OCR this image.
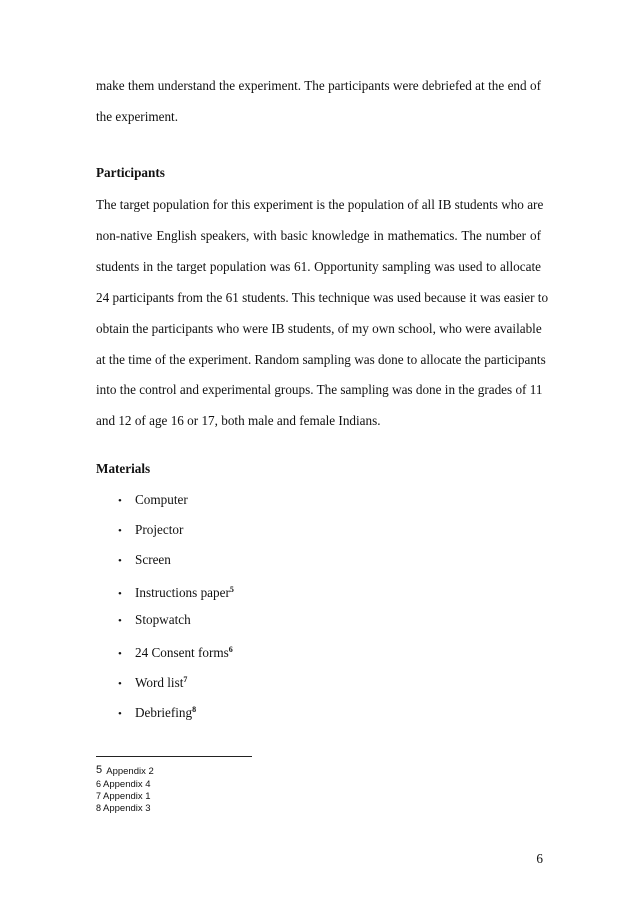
make them understand the experiment. The participants were debriefed at the end of
the experiment.
Participants
The target population for this experiment is the population of all IB students who are
non-native English speakers, with basic knowledge in mathematics. The number of
students in the target population was 61. Opportunity sampling was used to allocate
24 participants from the 61 students. This technique was used because it was easier to
obtain the participants who were IB students, of my own school, who were available
at the time of the experiment. Random sampling was done to allocate the participants
into the control and experimental groups. The sampling was done in the grades of 11
and 12 of age 16 or 17, both male and female Indians.
Materials
• Computer
• Projector
• Screen
• Instructions paper$^5$
• Stopwatch
• 24 Consent forms$^6$
• Word list$^7$
• Debriefing$^8$
5 Appendix 2
6 Appendix 4
7 Appendix 1
8 Appendix 3
6
